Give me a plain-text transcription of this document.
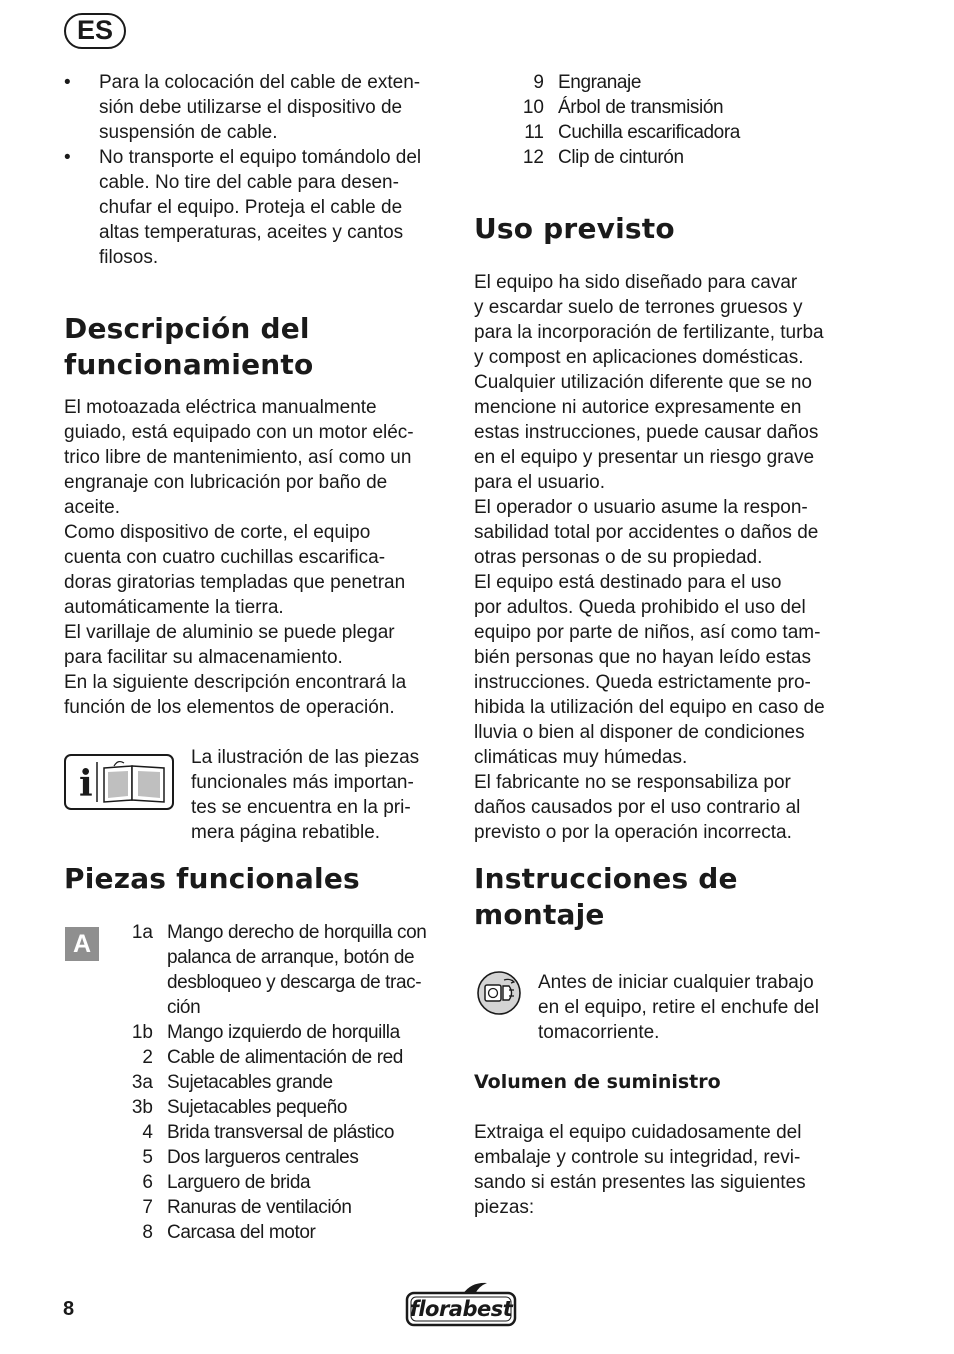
ES
• Para la colocación del cable de exten-
sión debe utilizarse el dispositivo de
suspensión de cable.

• No transporte el equipo tomándolo del
cable. No tire del cable para desen-
chufar el equipo. Proteja el cable de
altas temperaturas, aceites y cantos
filosos.

Descripción del
funcionamiento

El motoazada eléctrica manualmente
guiado, está equipado con un motor eléc-
trico libre de mantenimiento, así como un
engranaje con lubricación por baño de
aceite.
Como dispositivo de corte, el equipo
cuenta con cuatro cuchillas escarifica-
doras giratorias templadas que penetran
automáticamente la tierra.
El varillaje de aluminio se puede plegar
para facilitar su almacenamiento.
En la siguiente descripción encontrará la
función de los elementos de operación.

i

La ilustración de las piezas
funcionales más importan-
tes se encuentra en la pri-
mera página rebatible.

Piezas funcionales
A	1a Mango derecho de horquilla con
palanca de arranque, botón de
desbloqueo y descarga de trac-
ción
1b Mango izquierdo de horquilla
2 Cable de alimentación de red
3a Sujetacables grande
3b Sujetacables pequeño
4 Brida transversal de plástico
5 Dos largueros centrales
6 Larguero de brida
7 Ranuras de ventilación
8 Carcasa del motor
9 Engranaje
10 Árbol de transmisión
11 Cuchilla escarificadora
12 Clip de cinturón
Uso previsto

El equipo ha sido diseñado para cavar
y escardar suelo de terrones gruesos y
para la incorporación de fertilizante, turba
y compost en aplicaciones domésticas.
Cualquier utilización diferente que se no
mencione ni autorice expresamente en
estas instrucciones, puede causar daños
en el equipo y presentar un riesgo grave
para el usuario.
El operador o usuario asume la respon-
sabilidad total por accidentes o daños de
otras personas o de su propiedad.
El equipo está destinado para el uso
por adultos. Queda prohibido el uso del
equipo por parte de niños, así como tam-
bién personas que no hayan leído estas
instrucciones. Queda estrictamente pro-
hibida la utilización del equipo en caso de
lluvia o bien al disponer de condiciones
climáticas muy húmedas.
El fabricante no se responsabiliza por
daños causados por el uso contrario al
previsto o por la operación incorrecta.

Instrucciones de
montaje

Antes de iniciar cualquier trabajo
en el equipo, retire el enchufe del
tomacorriente.

Volumen de suministro

Extraiga el equipo cuidadosamente del
embalaje y controle su integridad, revi-
sando si están presentes las siguientes
piezas:

8	florabest
